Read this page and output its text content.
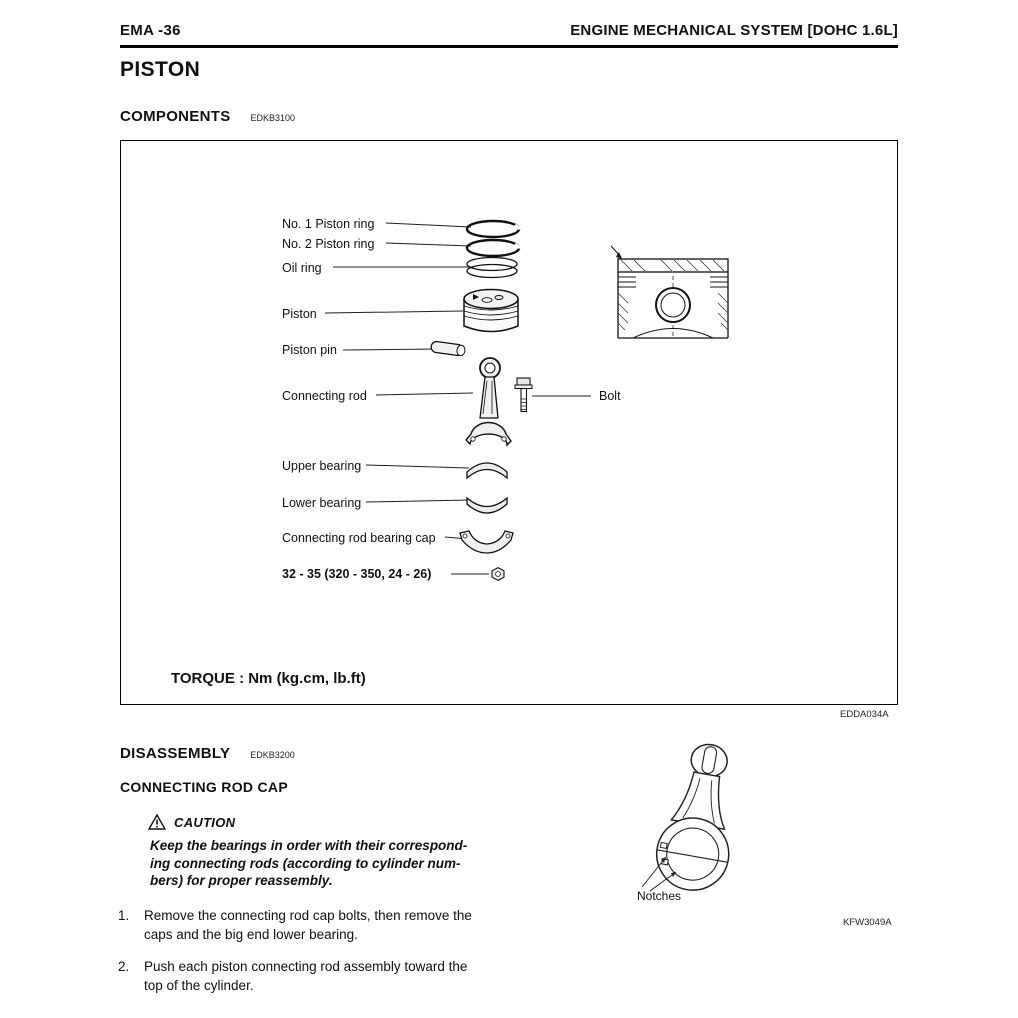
EMA -36	ENGINE MECHANICAL SYSTEM [DOHC 1.6L]
PISTON
COMPONENTS EDKB3100
No. 1 Piston ring
No. 2 Piston ring
Oil ring
Piston
Piston pin
Connecting rod	Bolt
Upper bearing
Lower bearing
Connecting rod bearing cap
32 - 35 (320 - 350, 24 - 26)
TORQUE : Nm (kg.cm, lb.ft)
EDDA034A
DISASSEMBLY EDKB3200
CONNECTING ROD CAP
CAUTION
Keep the bearings in order with their correspond-
ing connecting rods (according to cylinder num-
bers) for proper reassembly.
1. Remove the connecting rod cap bolts, then remove the caps and the big end lower bearing.
2. Push each piston connecting rod assembly toward the top of the cylinder.
Notches
KFW3049A
